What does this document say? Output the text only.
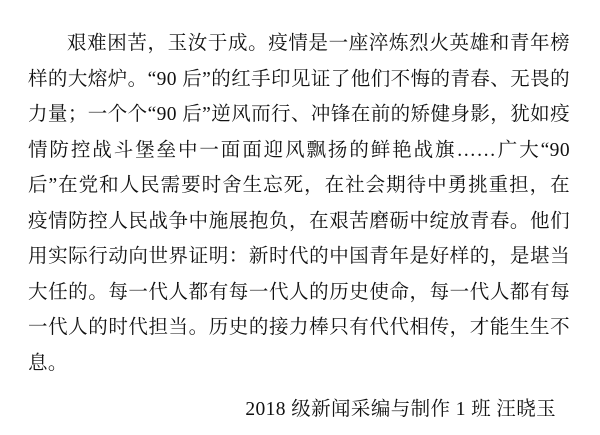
艰难困苦，玉汝于成。疫情是一座淬炼烈火英雄和青年榜样的大熔炉。“90 后”的红手印见证了他们不悔的青春、无畏的力量；一个个“90 后”逆风而行、冲锋在前的矫健身影，犹如疫情防控战斗堡垒中一面面迎风飘扬的鲜艳战旗……广大“90 后”在党和人民需要时舍生忘死，在社会期待中勇挑重担，在疫情防控人民战争中施展抱负，在艰苦磨砺中绽放青春。他们用实际行动向世界证明：新时代的中国青年是好样的，是堪当大任的。每一代人都有每一代人的历史使命，每一代人都有每一代人的时代担当。历史的接力棒只有代代相传，才能生生不息。

2018 级新闻采编与制作 1 班 汪晓玉
